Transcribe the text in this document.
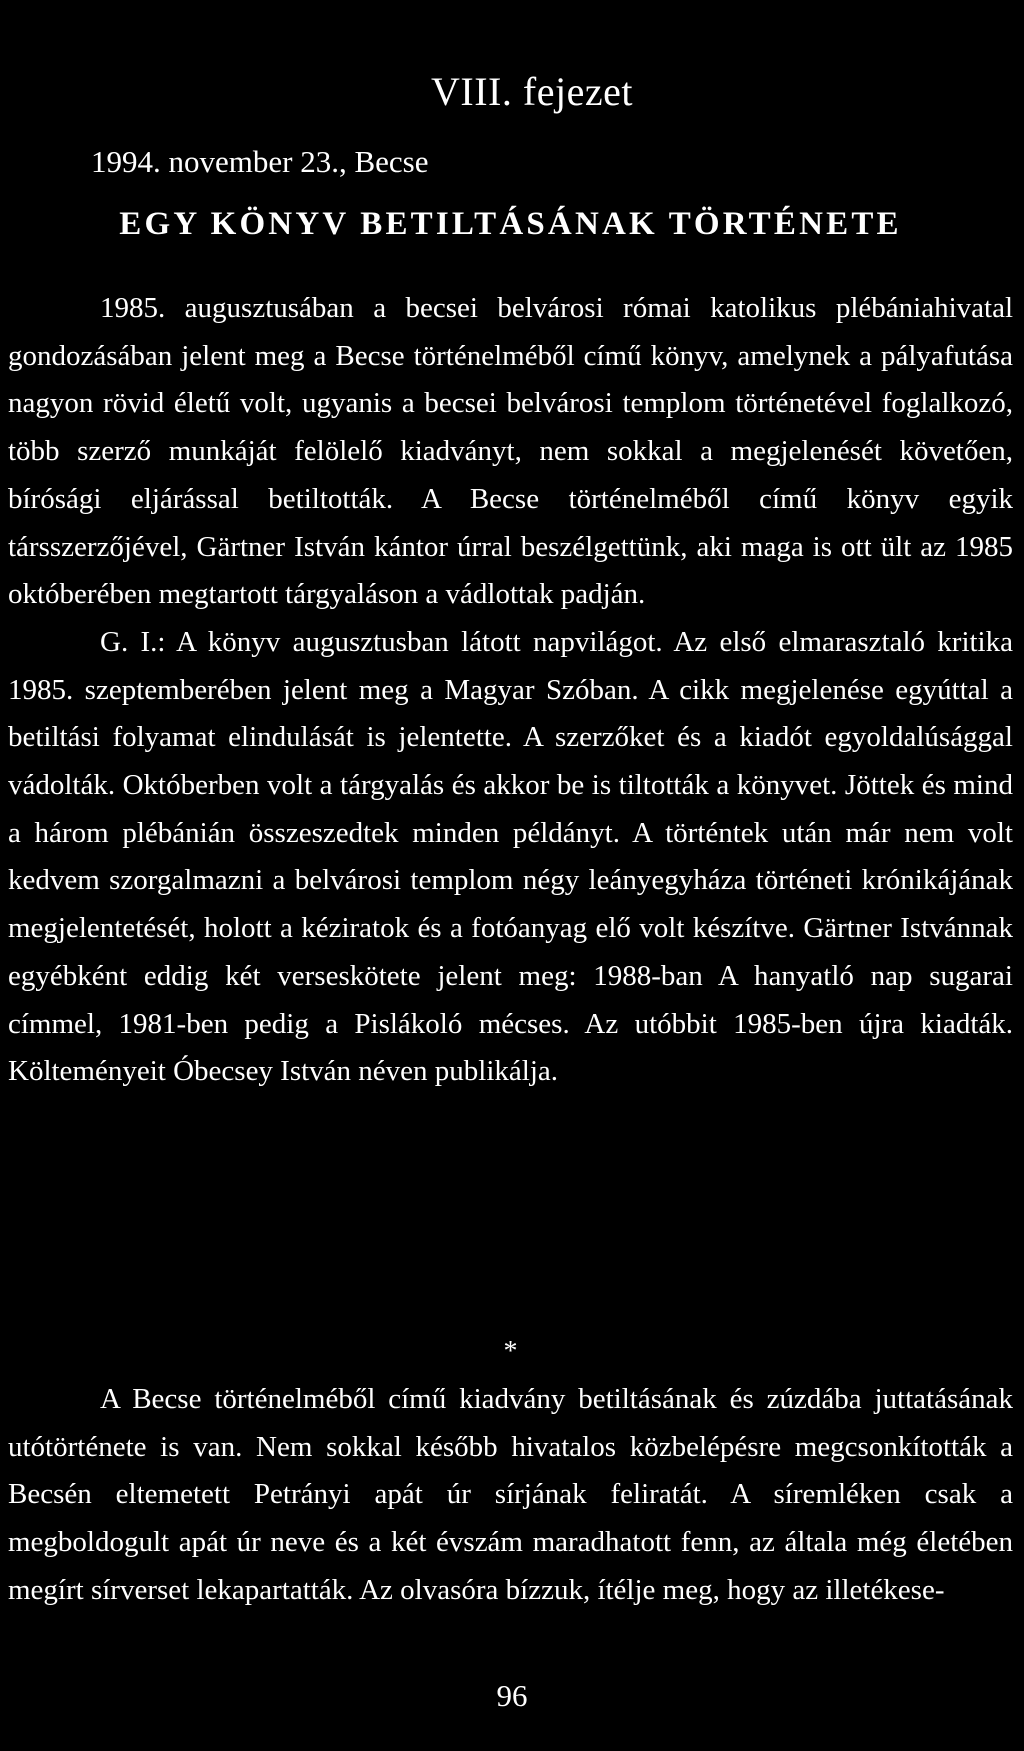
VIII. fejezet
1994. november 23., Becse
EGY KÖNYV BETILTÁSÁNAK TÖRTÉNETE

1985. augusztusában a becsei belvárosi római katolikus plébániahivatal gondozásában jelent meg a Becse történelméből című könyv, amelynek a pályafutása nagyon rövid életű volt, ugyanis a becsei belvárosi templom történetével foglalkozó, több szerző munkáját felölelő kiadványt, nem sokkal a megjelenését követően, bírósági eljárással betiltották. A Becse történelméből című könyv egyik társszerzőjével, Gärtner István kántor úrral beszélgettünk, aki maga is ott ült az 1985 októberében megtartott tárgyaláson a vádlottak padján.

G. I.: A könyv augusztusban látott napvilágot. Az első elmarasztaló kritika 1985. szeptemberében jelent meg a Magyar Szóban. A cikk megjelenése egyúttal a betiltási folyamat elindulását is jelentette. A szerzőket és a kiadót egyoldalúsággal vádolták. Októberben volt a tárgyalás és akkor be is tiltották a könyvet. Jöttek és mind a három plébánián összeszedtek minden példányt. A történtek után már nem volt kedvem szorgalmazni a belvárosi templom négy leányegyháza történeti krónikájának megjelentetését, holott a kéziratok és a fotóanyag elő volt készítve. Gärtner Istvánnak egyébként eddig két verseskötete jelent meg: 1988-ban A hanyatló nap sugarai címmel, 1981-ben pedig a Pislákoló mécses. Az utóbbit 1985-ben újra kiadták. Költeményeit Óbecsey István néven publikálja.

*

A Becse történelméből című kiadvány betiltásának és zúzdába juttatásának utótörténete is van. Nem sokkal később hivatalos közbelépésre megcsonkították a Becsén eltemetett Petrányi apát úr sírjának feliratát. A síremléken csak a megboldogult apát úr neve és a két évszám maradhatott fenn, az általa még életében megírt sírverset lekapartatták. Az olvasóra bízzuk, ítélje meg, hogy az illetékese-

96
